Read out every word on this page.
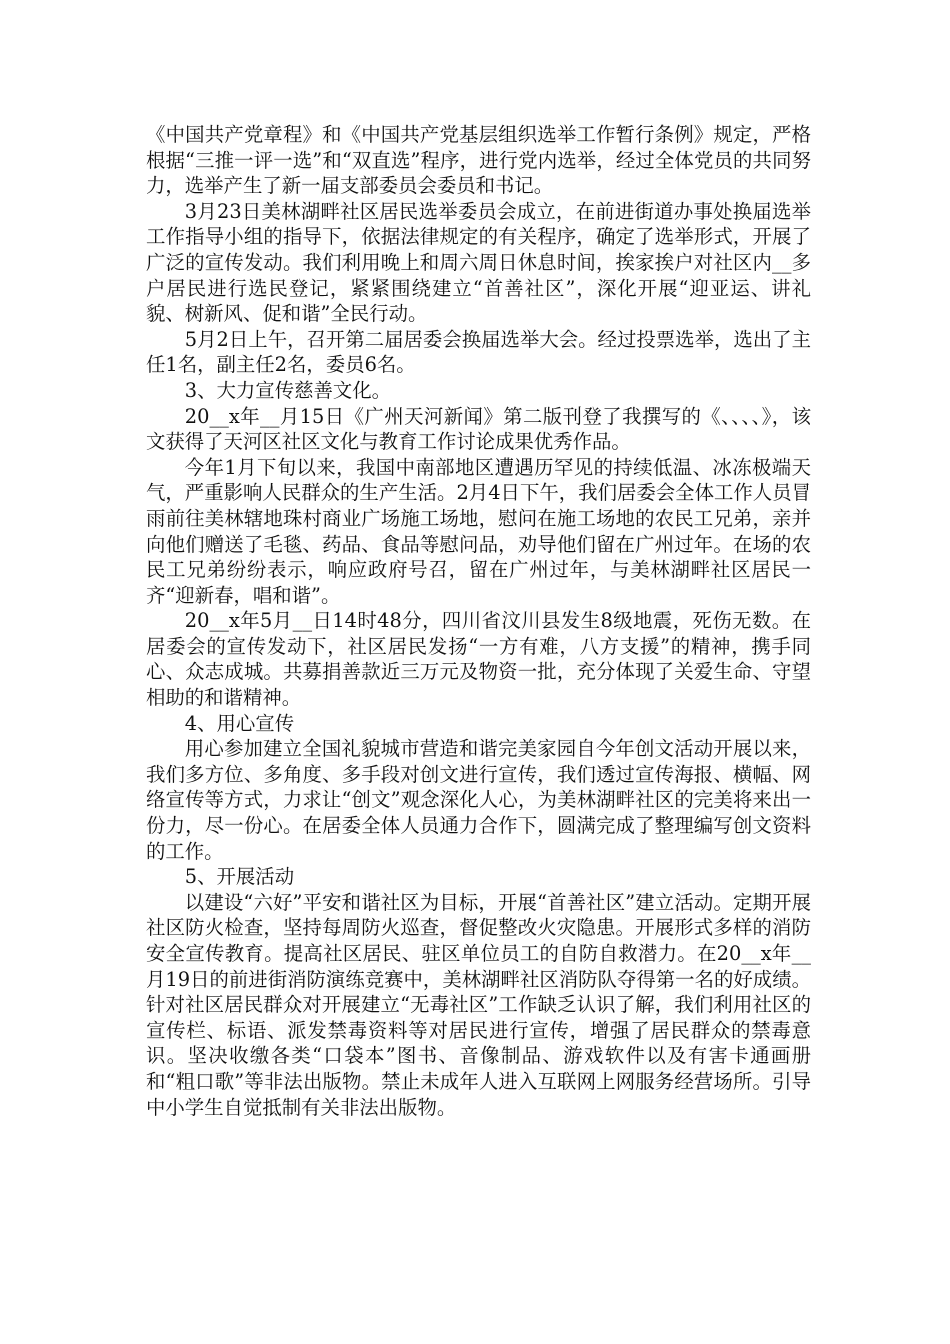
《中国共产党章程》和《中国共产党基层组织选举工作暂行条例》规定，严格根据“三推一评一选”和“双直选”程序，进行党内选举，经过全体党员的共同努力，选举产生了新一届支部委员会委员和书记。

3月23日美林湖畔社区居民选举委员会成立，在前进街道办事处换届选举工作指导小组的指导下，依据法律规定的有关程序，确定了选举形式，开展了广泛的宣传发动。我们利用晚上和周六周日休息时间，挨家挨户对社区内__多户居民进行选民登记，紧紧围绕建立“首善社区”，深化开展“迎亚运、讲礼貌、树新风、促和谐”全民行动。

5月2日上午，召开第二届居委会换届选举大会。经过投票选举，选出了主任1名，副主任2名，委员6名。

3、大力宣传慈善文化。

20__x年__月15日《广州天河新闻》第二版刊登了我撰写的《、、、、》，该文获得了天河区社区文化与教育工作讨论成果优秀作品。

今年1月下旬以来，我国中南部地区遭遇历罕见的持续低温、冰冻极端天气，严重影响人民群众的生产生活。2月4日下午，我们居委会全体工作人员冒雨前往美林辖地珠村商业广场施工场地，慰问在施工场地的农民工兄弟，亲并向他们赠送了毛毯、药品、食品等慰问品，劝导他们留在广州过年。在场的农民工兄弟纷纷表示，响应政府号召，留在广州过年，与美林湖畔社区居民一齐“迎新春，唱和谐”。

20__x年5月__日14时48分，四川省汶川县发生8级地震，死伤无数。在居委会的宣传发动下，社区居民发扬“一方有难，八方支援”的精神，携手同心、众志成城。共募捐善款近三万元及物资一批，充分体现了关爱生命、守望相助的和谐精神。

4、用心宣传

用心参加建立全国礼貌城市营造和谐完美家园自今年创文活动开展以来，我们多方位、多角度、多手段对创文进行宣传，我们透过宣传海报、横幅、网络宣传等方式，力求让“创文”观念深化人心，为美林湖畔社区的完美将来出一份力，尽一份心。在居委全体人员通力合作下，圆满完成了整理编写创文资料的工作。

5、开展活动

以建设“六好”平安和谐社区为目标，开展“首善社区”建立活动。定期开展社区防火检查，坚持每周防火巡查，督促整改火灾隐患。开展形式多样的消防安全宣传教育。提高社区居民、驻区单位员工的自防自救潜力。在20__x年__月19日的前进街消防演练竞赛中，美林湖畔社区消防队夺得第一名的好成绩。针对社区居民群众对开展建立“无毒社区”工作缺乏认识了解，我们利用社区的宣传栏、标语、派发禁毒资料等对居民进行宣传，增强了居民群众的禁毒意识。坚决收缴各类“口袋本”图书、音像制品、游戏软件以及有害卡通画册和“粗口歌”等非法出版物。禁止未成年人进入互联网上网服务经营场所。引导中小学生自觉抵制有关非法出版物。
